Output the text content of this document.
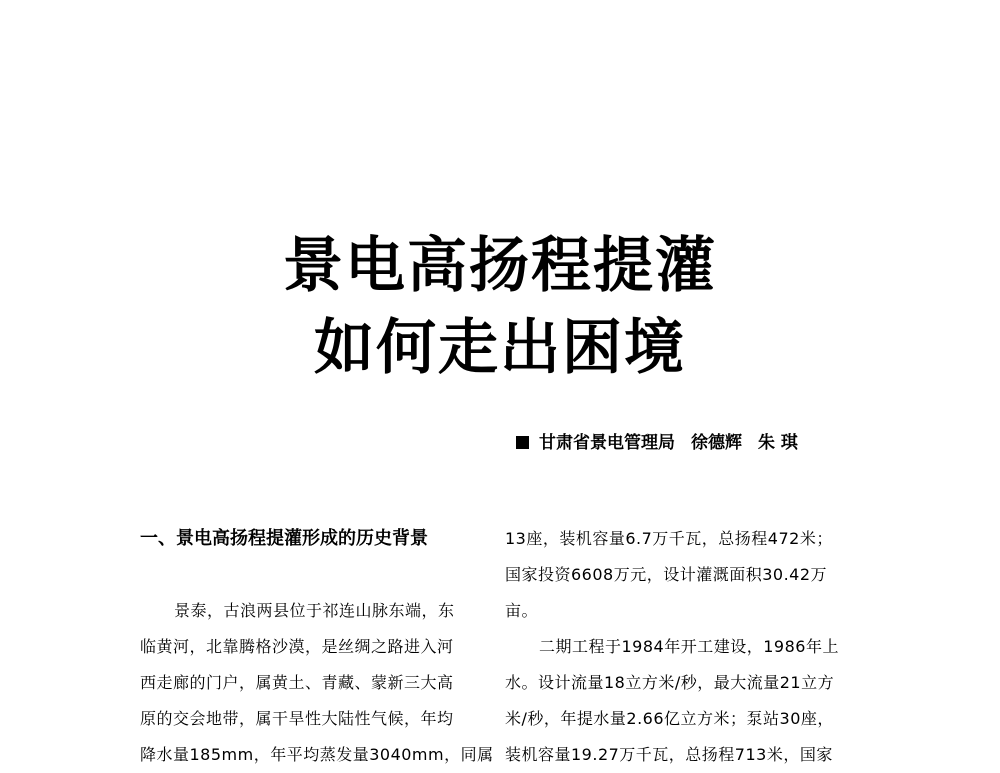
景电高扬程提灌
如何走出困境
甘肃省景电管理局 徐德辉 朱 琪
一、景电高扬程提灌形成的历史背景
景泰，古浪两县位于祁连山脉东端，东
临黄河，北靠腾格沙漠，是丝绸之路进入河
西走廊的门户，属黄土、青藏、蒙新三大高
原的交会地带，属干旱性大陆性气候，年均
降水量185mm，年平均蒸发量3040mm，同属
13座，装机容量6.7万千瓦，总扬程472米；
国家投资6608万元，设计灌溉面积30.42万
亩。
二期工程于1984年开工建设，1986年上
水。设计流量18立方米/秒，最大流量21立方
米/秒，年提水量2.66亿立方米；泵站30座，
装机容量19.27万千瓦，总扬程713米，国家
